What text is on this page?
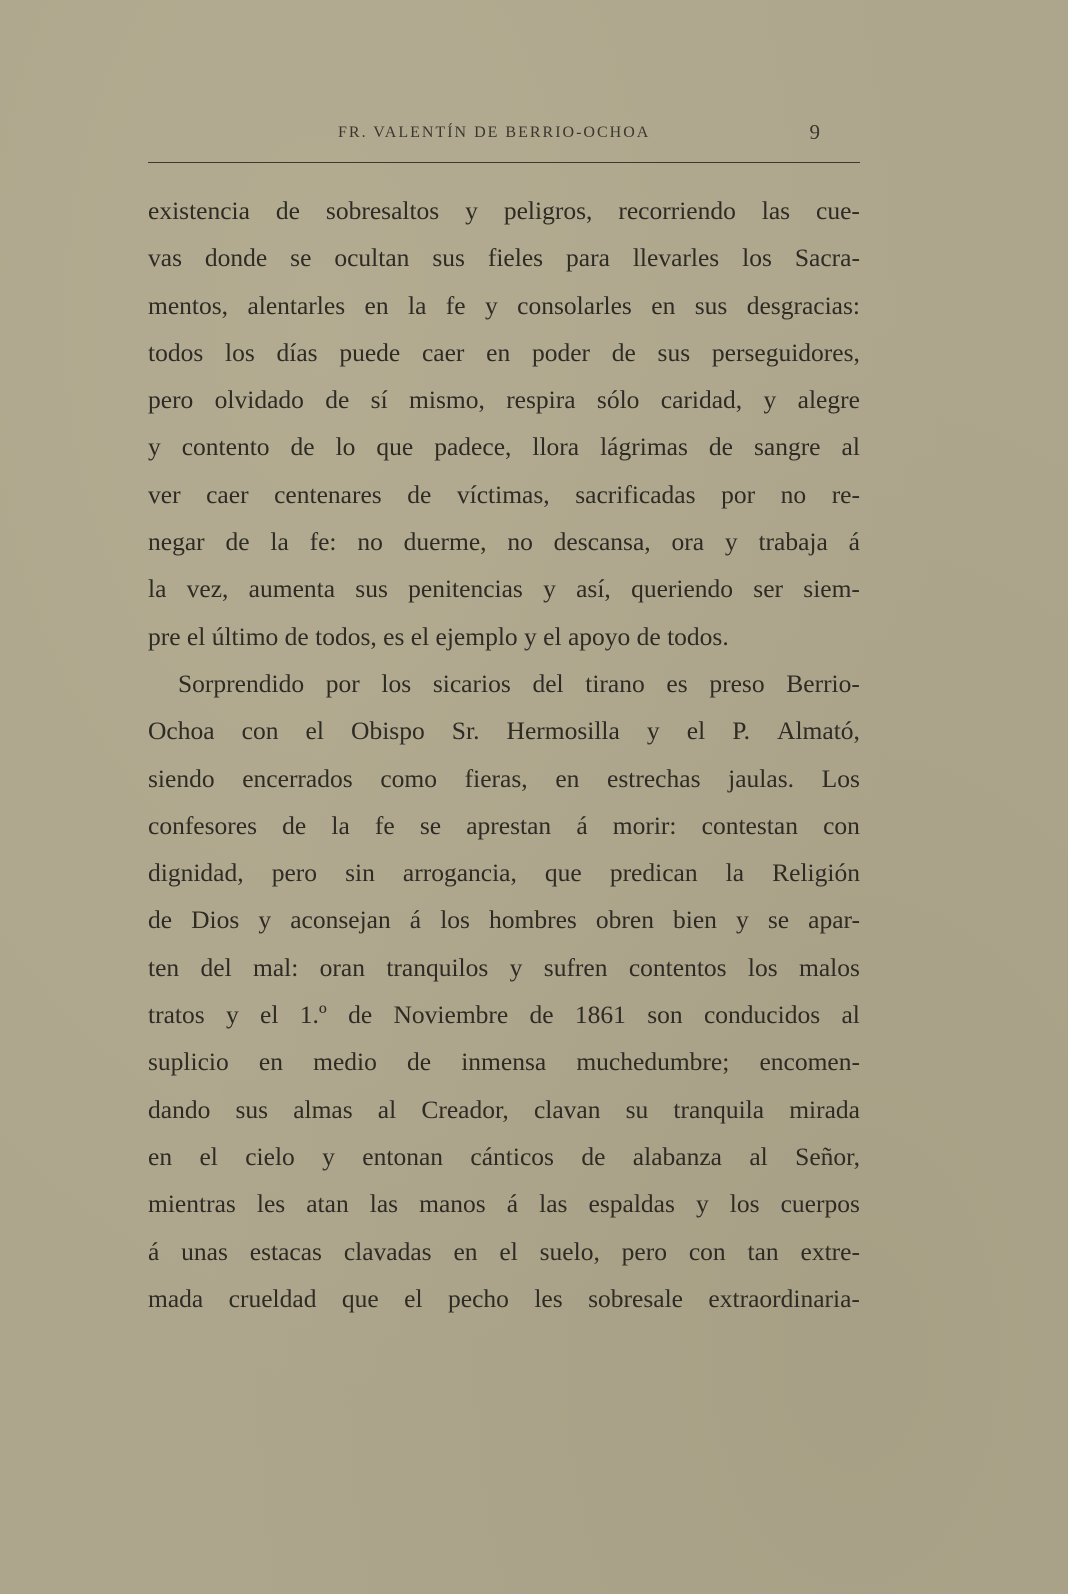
FR. VALENTÍN DE BERRIO-OCHOA	9
existencia de sobresaltos y peligros, recorriendo las cue-
vas donde se ocultan sus fieles para llevarles los Sacra-
mentos, alentarles en la fe y consolarles en sus desgracias:
todos los días puede caer en poder de sus perseguidores,
pero olvidado de sí mismo, respira sólo caridad, y alegre
y contento de lo que padece, llora lágrimas de sangre al
ver caer centenares de víctimas, sacrificadas por no re-
negar de la fe: no duerme, no descansa, ora y trabaja á
la vez, aumenta sus penitencias y así, queriendo ser siem-
pre el último de todos, es el ejemplo y el apoyo de todos.
Sorprendido por los sicarios del tirano es preso Berrio-
Ochoa con el Obispo Sr. Hermosilla y el P. Almató,
siendo encerrados como fieras, en estrechas jaulas. Los
confesores de la fe se aprestan á morir: contestan con
dignidad, pero sin arrogancia, que predican la Religión
de Dios y aconsejan á los hombres obren bien y se apar-
ten del mal: oran tranquilos y sufren contentos los malos
tratos y el 1.º de Noviembre de 1861 son conducidos al
suplicio en medio de inmensa muchedumbre; encomen-
dando sus almas al Creador, clavan su tranquila mirada
en el cielo y entonan cánticos de alabanza al Señor,
mientras les atan las manos á las espaldas y los cuerpos
á unas estacas clavadas en el suelo, pero con tan extre-
mada crueldad que el pecho les sobresale extraordinaria-
